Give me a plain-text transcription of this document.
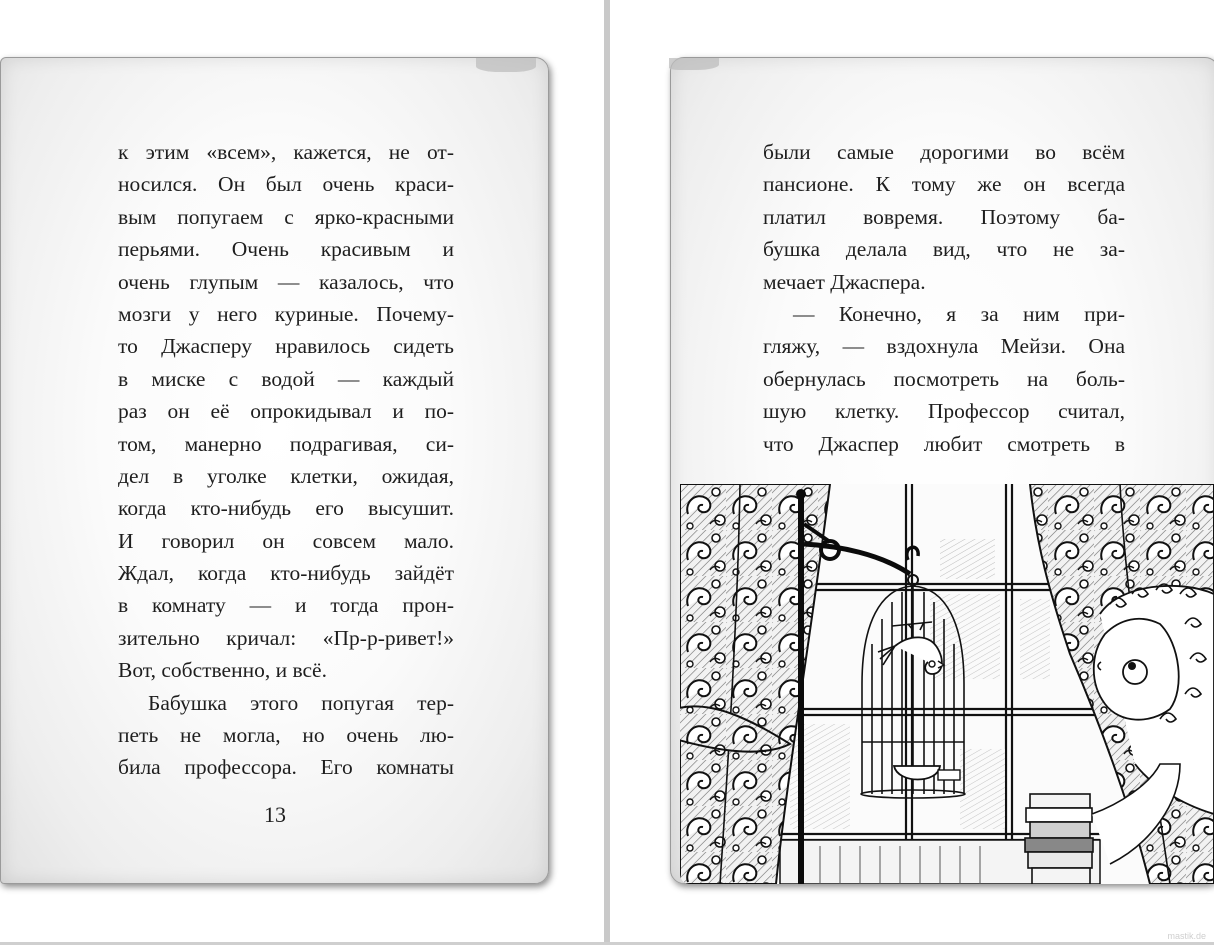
к этим «всем», кажется, не от-
носился. Он был очень краси-
вым попугаем с ярко-красными
перьями. Очень красивым и
очень глупым — казалось, что
мозги у него куриные. Почему-
то Джасперу нравилось сидеть
в миске с водой — каждый
раз он её опрокидывал и по-
том, манерно подрагивая, си-
дел в уголке клетки, ожидая,
когда кто-нибудь его высушит.
И говорил он совсем мало.
Ждал, когда кто-нибудь зайдёт
в комнату — и тогда прон-
зительно кричал: «Пр-р-ривет!»
Вот, собственно, и всё.
Бабушка этого попугая тер-
петь не могла, но очень лю-
била профессора. Его комнаты
13
были самые дорогими во всём
пансионе. К тому же он всегда
платил вовремя. Поэтому ба-
бушка делала вид, что не за-
мечает Джаспера.
— Конечно, я за ним при-
гляжу, — вздохнула Мейзи. Она
обернулась посмотреть на боль-
шую клетку. Профессор считал,
что Джаспер любит смотреть в
mastik.de
